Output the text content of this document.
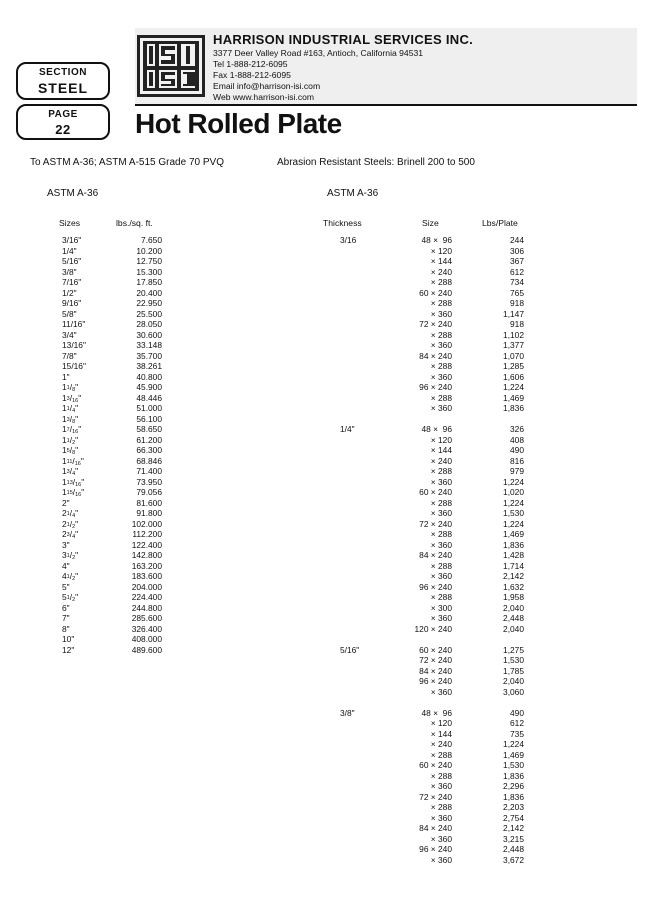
HARRISON INDUSTRIAL SERVICES INC.
3377 Deer Valley Road #163, Antioch, California 94531
Tel 1-888-212-6095
Fax 1-888-212-6095
Email info@harrison-isi.com
Web www.harrison-isi.com
SECTION
STEEL
PAGE
22	Hot Rolled Plate
To ASTM A-36; ASTM A-515 Grade 70 PVQ	Abrasion Resistant Steels: Brinell 200 to 500
ASTM A-36	ASTM A-36
Sizes	lbs./sq. ft.	Thickness	Size	Lbs/Plate
3/16"	7.650
1/4"	10.200
5/16"	12.750
3/8"	15.300
7/16"	17.850
1/2"	20.400
9/16"	22.950
5/8"	25.500
11/16"	28.050
3/4"	30.600
13/16"	33.148
7/8"	35.700
15/16"	38.261
1"	40.800
$1^1/_8$"	45.900
$1^3/_{16}$"	48.446
$1^1/_4$"	51.000
$1^3/_8$"	56.100
$1^7/_{16}$"	58.650
$1^1/_2$"	61.200
$1^5/_8$"	66.300
$1^{11}/_{16}$"	68.846
$1^3/_4$"	71.400
$1^{13}/_{16}$"	73.950
$1^{15}/_{16}$"	79.056
2"	81.600
$2^1/_4$"	91.800
$2^1/_2$"	102.000
$2^3/_4$"	112.200
3"	122.400
$3^1/_2$"	142.800
4"	163.200
$4^1/_2$"	183.600
5"	204.000
$5^1/_2$"	224.400
6"	244.800
7"	285.600
8"	326.400
10"	408.000
12"	489.600
3/16	48 ×  96	244
× 120	306
× 144	367
× 240	612
× 288	734
60 × 240	765
× 288	918
× 360	1,147
72 × 240	918
× 288	1,102
× 360	1,377
84 × 240	1,070
× 288	1,285
× 360	1,606
96 × 240	1,224
× 288	1,469
× 360	1,836
1/4"	48 ×  96	326
× 120	408
× 144	490
× 240	816
× 288	979
× 360	1,224
60 × 240	1,020
× 288	1,224
× 360	1,530
72 × 240	1,224
× 288	1,469
× 360	1,836
84 × 240	1,428
× 288	1,714
× 360	2,142
96 × 240	1,632
× 288	1,958
× 300	2,040
× 360	2,448
120 × 240	2,040
5/16"	60 × 240	1,275
72 × 240	1,530
84 × 240	1,785
96 × 240	2,040
× 360	3,060
3/8"	48 ×  96	490
× 120	612
× 144	735
× 240	1,224
× 288	1,469
60 × 240	1,530
× 288	1,836
× 360	2,296
72 × 240	1,836
× 288	2,203
× 360	2,754
84 × 240	2,142
× 360	3,215
96 × 240	2,448
× 360	3,672
